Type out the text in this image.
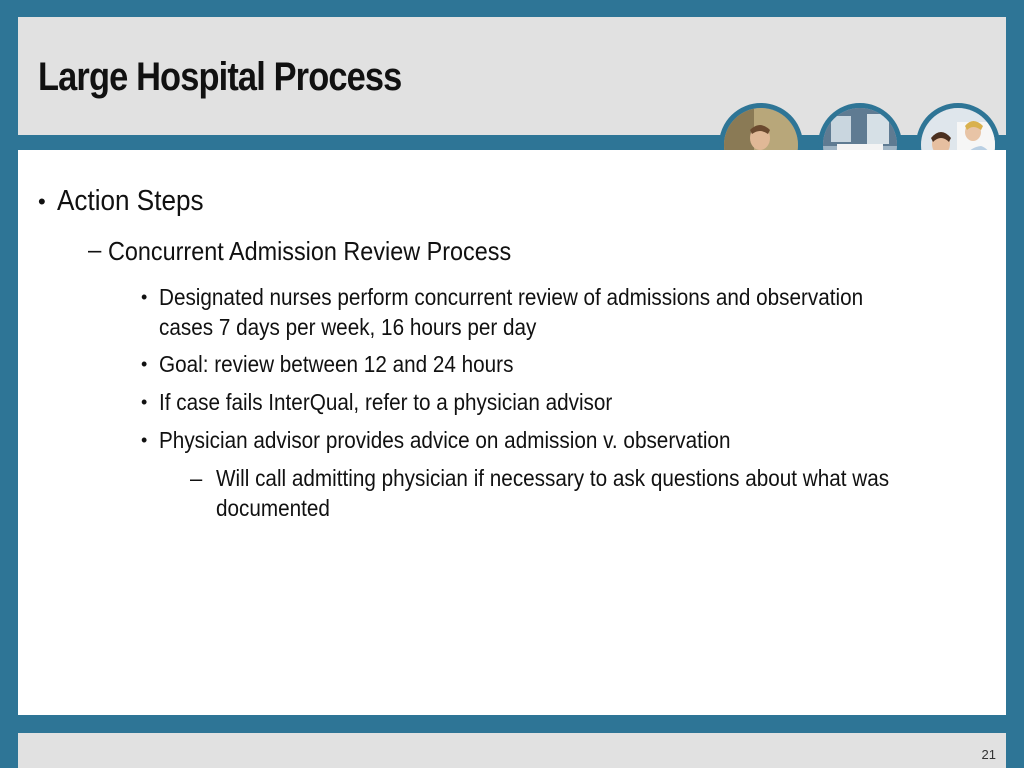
Large Hospital Process
• Action Steps
– Concurrent Admission Review Process
• Designated nurses perform concurrent review of admissions and observation
cases 7 days per week, 16 hours per day
• Goal: review between 12 and 24 hours
• If case fails InterQual, refer to a physician advisor
• Physician advisor provides advice on admission v. observation
– Will call admitting physician if necessary to ask questions about what was
documented
21
